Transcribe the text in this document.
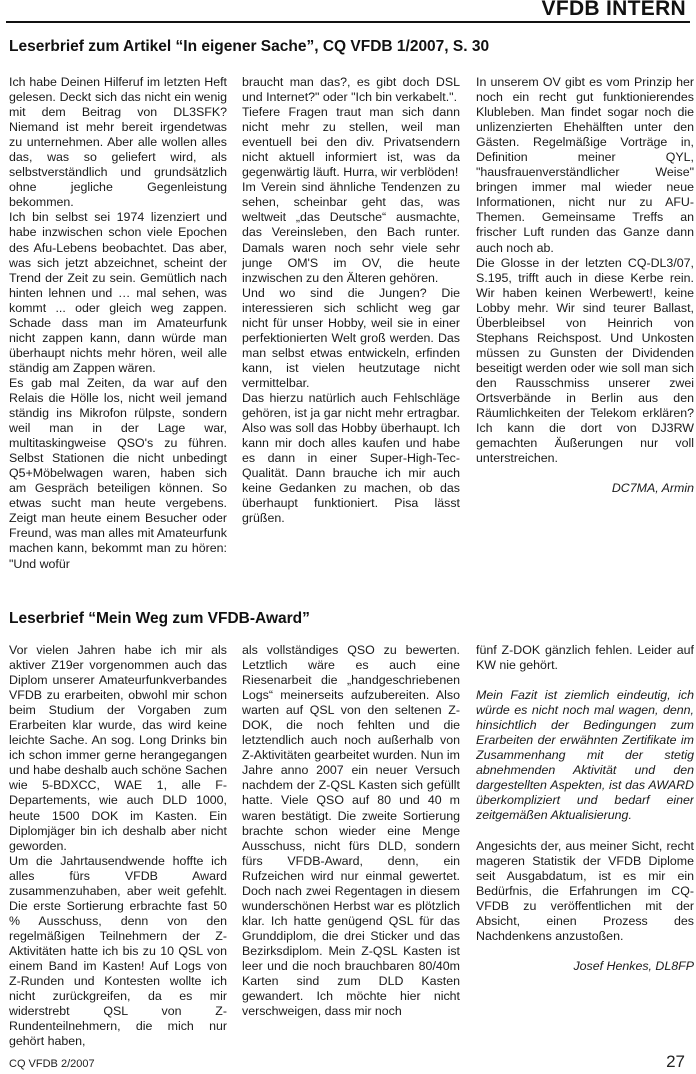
VFDB INTERN
Leserbrief zum Artikel “In eigener Sache”, CQ VFDB 1/2007, S. 30

Ich habe Deinen Hilferuf im letzten Heft gelesen. Deckt sich das nicht ein wenig mit dem Beitrag von DL3SFK? Niemand ist mehr bereit irgendetwas zu unternehmen. Aber alle wollen alles das, was so geliefert wird, als selbstverständlich und grundsätzlich ohne jegliche Gegenleistung bekommen.

Ich bin selbst sei 1974 lizenziert und habe inzwischen schon viele Epochen des Afu-Lebens beobachtet. Das aber, was sich jetzt abzeichnet, scheint der Trend der Zeit zu sein. Gemütlich nach hinten lehnen und … mal sehen, was kommt ... oder gleich weg zappen. Schade dass man im Amateurfunk nicht zappen kann, dann würde man überhaupt nichts mehr hören, weil alle ständig am Zappen wären.

Es gab mal Zeiten, da war auf den Relais die Hölle los, nicht weil jemand ständig ins Mikrofon rülpste, sondern weil man in der Lage war, multitaskingweise QSO's zu führen. Selbst Stationen die nicht unbedingt Q5+Möbelwagen waren, haben sich am Gespräch beteiligen können. So etwas sucht man heute vergebens. Zeigt man heute einem Besucher oder Freund, was man alles mit Amateurfunk machen kann, bekommt man zu hören: "Und wofür

braucht man das?, es gibt doch DSL und Internet?" oder "Ich bin verkabelt.".

Tiefere Fragen traut man sich dann nicht mehr zu stellen, weil man eventuell bei den div. Privatsendern nicht aktuell informiert ist, was da gegenwärtig läuft. Hurra, wir verblöden!

Im Verein sind ähnliche Tendenzen zu sehen, scheinbar geht das, was weltweit „das Deutsche“ ausmachte, das Vereinsleben, den Bach runter. Damals waren noch sehr viele sehr junge OM'S im OV, die heute inzwischen zu den Älteren gehören.

Und wo sind die Jungen? Die interessieren sich schlicht weg gar nicht für unser Hobby, weil sie in einer perfektionierten Welt groß werden. Das man selbst etwas entwickeln, erfinden kann, ist vielen heutzutage nicht vermittelbar.

Das hierzu natürlich auch Fehlschläge gehören, ist ja gar nicht mehr ertragbar. Also was soll das Hobby überhaupt. Ich kann mir doch alles kaufen und habe es dann in einer Super-High-Tec-Qualität. Dann brauche ich mir auch keine Gedanken zu machen, ob das überhaupt funktioniert. Pisa lässt grüßen.

In unserem OV gibt es vom Prinzip her noch ein recht gut funktionierendes Klubleben. Man findet sogar noch die unlizenzierten Ehehälften unter den Gästen. Regelmäßige Vorträge in, Definition meiner QYL, "hausfrauenverständlicher Weise" bringen immer mal wieder neue Informationen, nicht nur zu AFU-Themen. Gemeinsame Treffs an frischer Luft runden das Ganze dann auch noch ab.

Die Glosse in der letzten CQ-DL3/07, S.195, trifft auch in diese Kerbe rein. Wir haben keinen Werbewert!, keine Lobby mehr. Wir sind teurer Ballast, Überbleibsel von Heinrich von Stephans Reichspost. Und Unkosten müssen zu Gunsten der Dividenden beseitigt werden oder wie soll man sich den Rausschmiss unserer zwei Ortsverbände in Berlin aus den Räumlichkeiten der Telekom erklären? Ich kann die dort von DJ3RW gemachten Äußerungen nur voll unterstreichen.

DC7MA, Armin

Leserbrief “Mein Weg zum VFDB-Award”

Vor vielen Jahren habe ich mir als aktiver Z19er vorgenommen auch das Diplom unserer Amateurfunkverbandes VFDB zu erarbeiten, obwohl mir schon beim Studium der Vorgaben zum Erarbeiten klar wurde, das wird keine leichte Sache. An sog. Long Drinks bin ich schon immer gerne herangegangen und habe deshalb auch schöne Sachen wie 5-BDXCC, WAE 1, alle F-Departements, wie auch DLD 1000, heute 1500 DOK im Kasten. Ein Diplomjäger bin ich deshalb aber nicht geworden.

Um die Jahrtausendwende hoffte ich alles fürs VFDB Award zusammenzuhaben, aber weit gefehlt. Die erste Sortierung erbrachte fast 50 % Ausschuss, denn von den regelmäßigen Teilnehmern der Z-Aktivitäten hatte ich bis zu 10 QSL von einem Band im Kasten! Auf Logs von Z-Runden und Kontesten wollte ich nicht zurückgreifen, da es mir widerstrebt QSL von Z-Rundenteilnehmern, die mich nur gehört haben,

als vollständiges QSO zu bewerten. Letztlich wäre es auch eine Riesenarbeit die „handgeschriebenen Logs“ meinerseits aufzubereiten. Also warten auf QSL von den seltenen Z-DOK, die noch fehlten und die letztendlich auch noch außerhalb von Z-Aktivitäten gearbeitet wurden. Nun im Jahre anno 2007 ein neuer Versuch nachdem der Z-QSL Kasten sich gefüllt hatte. Viele QSO auf 80 und 40 m waren bestätigt. Die zweite Sortierung brachte schon wieder eine Menge Ausschuss, nicht fürs DLD, sondern fürs VFDB-Award, denn, ein Rufzeichen wird nur einmal gewertet. Doch nach zwei Regentagen in diesem wunderschönen Herbst war es plötzlich klar. Ich hatte genügend QSL für das Grunddiplom, die drei Sticker und das Bezirksdiplom. Mein Z-QSL Kasten ist leer und die noch brauchbaren 80/40m Karten sind zum DLD Kasten gewandert. Ich möchte hier nicht verschweigen, dass mir noch

fünf Z-DOK gänzlich fehlen. Leider auf KW nie gehört.

Mein Fazit ist ziemlich eindeutig, ich würde es nicht noch mal wagen, denn, hinsichtlich der Bedingungen zum Erarbeiten der erwähnten Zertifikate im Zusammenhang mit der stetig abnehmenden Aktivität und den dargestellten Aspekten, ist das AWARD überkompliziert und bedarf einer zeitgemäßen Aktualisierung.

Angesichts der, aus meiner Sicht, recht mageren Statistik der VFDB Diplome seit Ausgabdatum, ist es mir ein Bedürfnis, die Erfahrungen im CQ-VFDB zu veröffentlichen mit der Absicht, einen Prozess des Nachdenkens anzustoßen.

Josef Henkes, DL8FP

CQ VFDB 2/2007	27
